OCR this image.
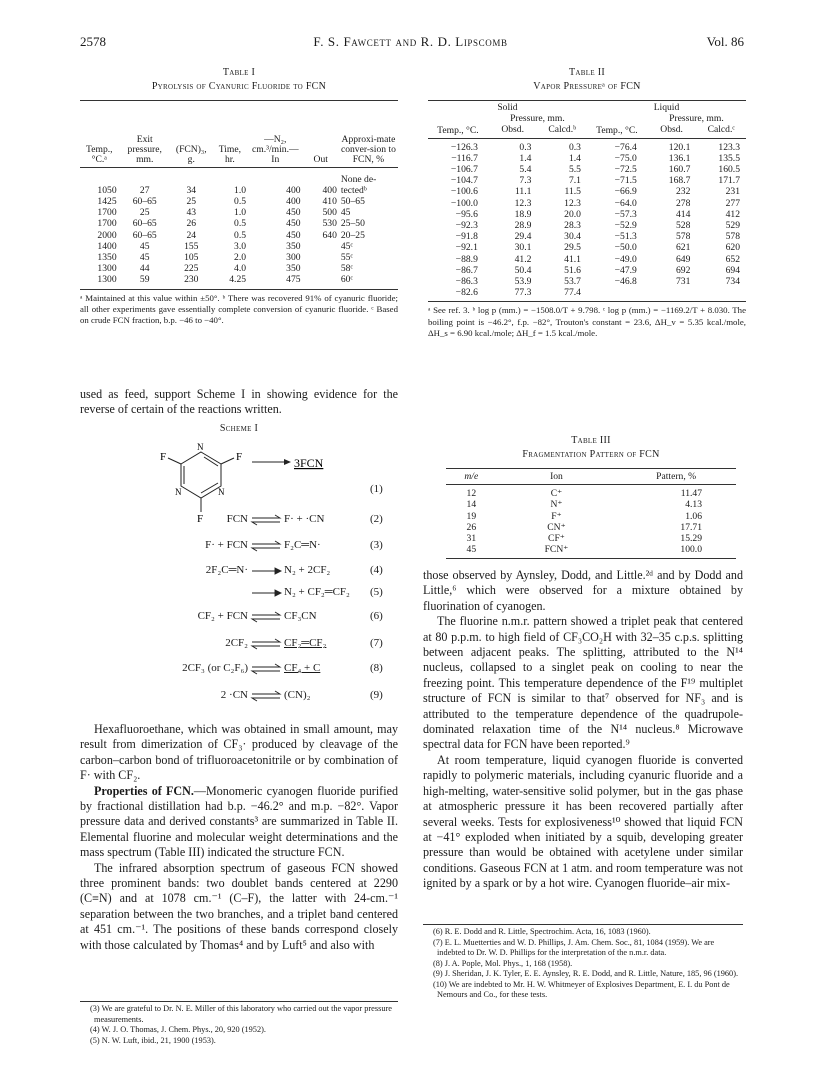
2578	F. S. Fawcett and R. D. Lipscomb	Vol. 86
Table I
Pyrolysis of Cyanuric Fluoride to FCN
Temp., °C.ᵃ	Exit pressure, mm.	(FCN)₃, g.	Time, hr.	—N₂, cm.³/min.— In	Out	Approxi-mate conver-sion to FCN, %

1050	27	34	1.0	400	400	None de-tectedᵇ
1425	60–65	25	0.5	400	410	50–65
1700	25	43	1.0	450	500	45
1700	60–65	26	0.5	450	530	25–50
2000	60–65	24	0.5	450	640	20–25
1400	45	155	3.0	350		45ᶜ
1350	45	105	2.0	300		55ᶜ
1300	44	225	4.0	350		58ᶜ
1300	59	230	4.25	475		60ᶜ
ᵃ Maintained at this value within ±50°. ᵇ There was recovered 91% of cyanuric fluoride; all other experiments gave essentially complete conversion of cyanuric fluoride. ᶜ Based on crude FCN fraction, b.p. −46 to −40°.
Table II
Vapor Pressureᵃ of FCN
Solid			Liquid		
	Pressure, mm.			Pressure, mm.	
Temp., °C.	Obsd.	Calcd.ᵇ	Temp., °C.	Obsd.	Calcd.ᶜ

−126.3	0.3	0.3	−76.4	120.1	123.3
−116.7	1.4	1.4	−75.0	136.1	135.5
−106.7	5.4	5.5	−72.5	160.7	160.5
−104.7	7.3	7.1	−71.5	168.7	171.7
−100.6	11.1	11.5	−66.9	232	231
−100.0	12.3	12.3	−64.0	278	277
−95.6	18.9	20.0	−57.3	414	412
−92.3	28.9	28.3	−52.9	528	529
−91.8	29.4	30.4	−51.3	578	578
−92.1	30.1	29.5	−50.0	621	620
−88.9	41.2	41.1	−49.0	649	652
−86.7	50.4	51.6	−47.9	692	694
−86.3	53.9	53.7	−46.8	731	734
−82.6	77.3	77.4			
ᵃ See ref. 3. ᵇ log p (mm.) = −1508.0/T + 9.798. ᶜ log p (mm.) = −1169.2/T + 8.030. The boiling point is −46.2°, f.p. −82°, Trouton's constant = 23.6, ΔH_v = 5.35 kcal./mole, ΔH_s = 6.90 kcal./mole; ΔH_f = 1.5 kcal./mole.
Table III
Fragmentation Pattern of FCN
m/e	Ion	Pattern, %

12	C⁺	11.47
14	N⁺	4.13
19	F⁺	1.06
26	CN⁺	17.71
31	CF⁺	15.29
45	FCN⁺	100.0
used as feed, support Scheme I in showing evidence for the reverse of certain of the reactions written.
Scheme I
F	F
F
N
N	N
3FCN
(1)
(2)
FCN	F· + ·CN
(3)
F· + FCN	F₂C═N·
(4)
2F₂C═N·	N₂ + 2CF₂
(5)
N₂ + CF₂═CF₂
(6)
CF₂ + FCN	CF₃CN
(7)
2CF₂	CF₂═CF₂
(8)
2CF₃ (or C₂F₆)	CF₄ + C
(9)
2 ·CN	(CN)₂

Hexafluoroethane, which was obtained in small amount, may result from dimerization of CF₃· produced by cleavage of the carbon–carbon bond of trifluoroacetonitrile or by combination of F· with CF₂.

Properties of FCN.—Monomeric cyanogen fluoride purified by fractional distillation had b.p. −46.2° and m.p. −82°. Vapor pressure data and derived constants³ are summarized in Table II. Elemental fluorine and molecular weight determinations and the mass spectrum (Table III) indicated the structure FCN.

The infrared absorption spectrum of gaseous FCN showed three prominent bands: two doublet bands centered at 2290 (C≡N) and at 1078 cm.⁻¹ (C–F), the latter with 24-cm.⁻¹ separation between the two branches, and a triplet band centered at 451 cm.⁻¹. The positions of these bands correspond closely with those calculated by Thomas⁴ and by Luft⁵ and also with

(3) We are grateful to Dr. N. E. Miller of this laboratory who carried out the vapor pressure measurements.

(4) W. J. O. Thomas, J. Chem. Phys., 20, 920 (1952).

(5) N. W. Luft, ibid., 21, 1900 (1953).

those observed by Aynsley, Dodd, and Little.²ᵈ and by Dodd and Little,⁶ which were observed for a mixture obtained by fluorination of cyanogen.

The fluorine n.m.r. pattern showed a triplet peak that centered at 80 p.p.m. to high field of CF₃CO₂H with 32–35 c.p.s. splitting between adjacent peaks. The splitting, attributed to the N¹⁴ nucleus, collapsed to a singlet peak on cooling to near the freezing point. This temperature dependence of the F¹⁹ multiplet structure of FCN is similar to that⁷ observed for NF₃ and is attributed to the temperature dependence of the quadrupole-dominated relaxation time of the N¹⁴ nucleus.⁸ Microwave spectral data for FCN have been reported.⁹

At room temperature, liquid cyanogen fluoride is converted rapidly to polymeric materials, including cyanuric fluoride and a high-melting, water-sensitive solid polymer, but in the gas phase at atmospheric pressure it has been recovered partially after several weeks. Tests for explosiveness¹⁰ showed that liquid FCN at −41° exploded when initiated by a squib, developing greater pressure than would be obtained with acetylene under similar conditions. Gaseous FCN at 1 atm. and room temperature was not ignited by a spark or by a hot wire. Cyanogen fluoride–air mix-

(6) R. E. Dodd and R. Little, Spectrochim. Acta, 16, 1083 (1960).

(7) E. L. Muetterties and W. D. Phillips, J. Am. Chem. Soc., 81, 1084 (1959). We are indebted to Dr. W. D. Phillips for the interpretation of the n.m.r. data.

(8) J. A. Pople, Mol. Phys., 1, 168 (1958).

(9) J. Sheridan, J. K. Tyler, E. E. Aynsley, R. E. Dodd, and R. Little, Nature, 185, 96 (1960).

(10) We are indebted to Mr. H. W. Whitmeyer of Explosives Department, E. I. du Pont de Nemours and Co., for these tests.
